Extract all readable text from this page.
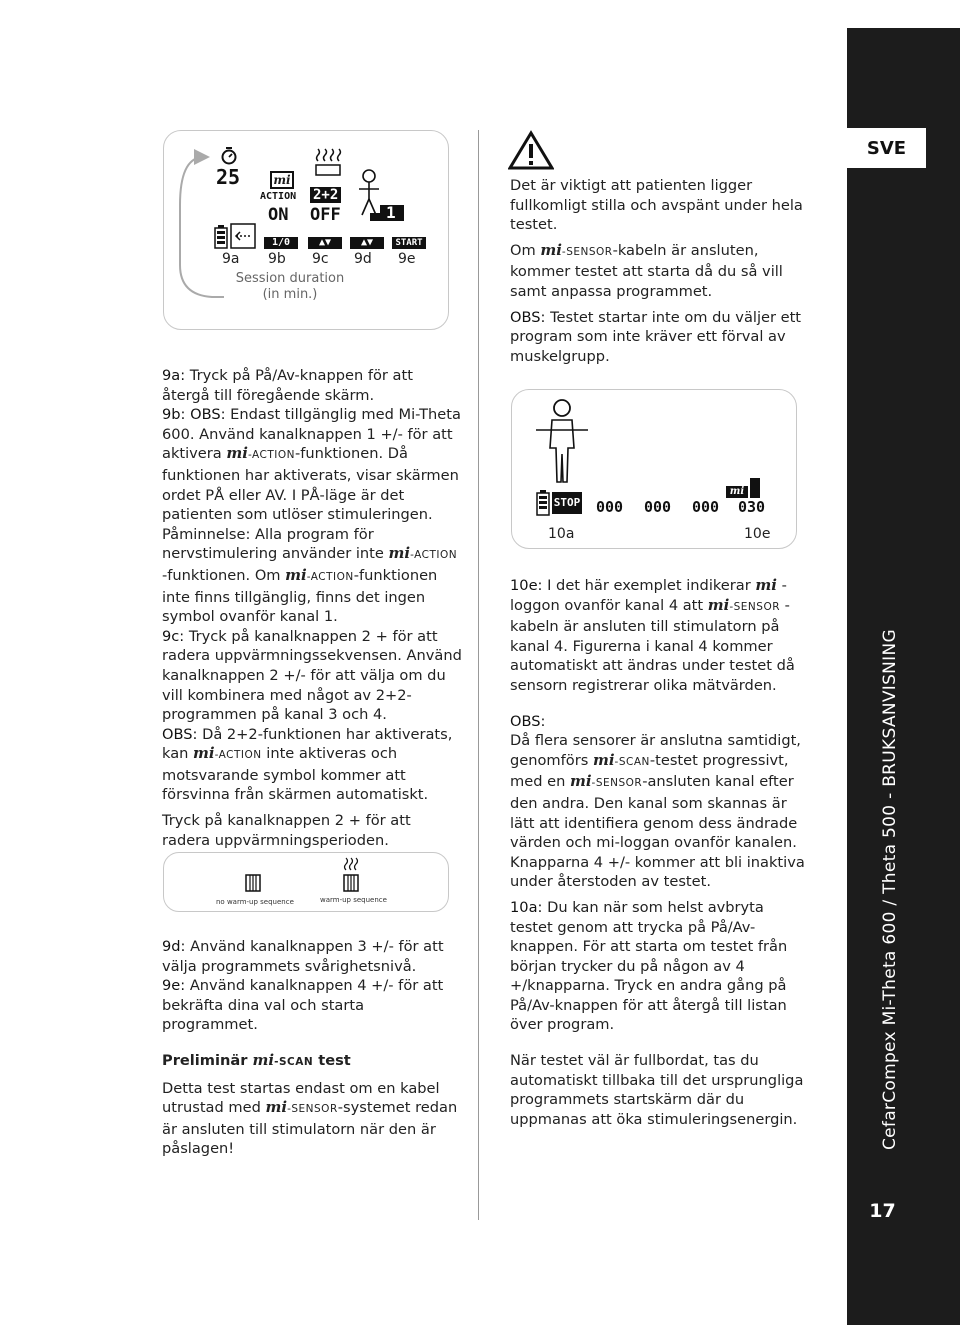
SVE
CefarCompex Mi-Theta 600 / Theta 500 - BRUKSANVISNING
17
25	mi
ACTION
ON
2+2
OFF	1
1/0	▲▼	▲▼	START
9a 9b 9c 9d 9e
Session duration
(in min.)

9a: Tryck på På/Av-knappen för att återgå till föregående skärm.

9b: OBS: Endast tillgänglig med Mi-Theta 600. Använd kanalknappen 1 +/- för att aktivera mi-ACTION-funktionen. Då funktionen har aktiverats, visar skärmen ordet PÅ eller AV. I PÅ-läge är det patienten som utlöser stimuleringen.

Påminnelse: Alla program för nervstimulering använder inte mi-ACTION -funktionen. Om mi-ACTION-funktionen inte finns tillgänglig, finns det ingen symbol ovanför kanal 1.

9c: Tryck på kanalknappen 2 + för att radera uppvärmningssekvensen. Använd kanalknappen 2 +/- för att välja om du vill kombinera med något av 2+2-programmen på kanal 3 och 4.

OBS: Då 2+2-funktionen har aktiverats, kan mi-ACTION inte aktiveras och motsvarande symbol kommer att försvinna från skärmen automatiskt.

Tryck på kanalknappen 2 + för att radera uppvärmningsperioden.

no warm-up sequence	warm-up sequence

9d: Använd kanalknappen 3 +/- för att välja programmets svårighetsnivå.

9e: Använd kanalknappen 4 +/- för att bekräfta dina val och starta programmet.

Preliminär mi-SCAN test

Detta test startas endast om en kabel utrustad med mi-SENSOR-systemet redan är ansluten till stimulatorn när den är påslagen!

Det är viktigt att patienten ligger fullkomligt stilla och avspänt under hela testet.

Om mi-SENSOR-kabeln är ansluten, kommer testet att starta då du så vill samt anpassa programmet.

OBS: Testet startar inte om du väljer ett program som inte kräver ett förval av muskelgrupp.

STOP 000 000 000 030
mi
10a	10e

10e: I det här exemplet indikerar mi -loggon ovanför kanal 4 att mi-SENSOR -kabeln är ansluten till stimulatorn på kanal 4. Figurerna i kanal 4 kommer automatiskt att ändras under testet då sensorn registrerar olika mätvärden.

OBS:

Då flera sensorer är anslutna samtidigt, genomförs mi-SCAN-testet progressivt, med en mi-SENSOR-ansluten kanal efter den andra. Den kanal som skannas är lätt att identifiera genom dess ändrade värden och mi-loggan ovanför kanalen. Knapparna 4 +/- kommer att bli inaktiva under återstoden av testet.

10a: Du kan när som helst avbryta testet genom att trycka på På/Av-knappen. För att starta om testet från början trycker du på någon av 4 +/knapparna. Tryck en andra gång på På/Av-knappen för att återgå till listan över program.

När testet väl är fullbordat, tas du automatiskt tillbaka till det ursprungliga programmets startskärm där du uppmanas att öka stimuleringsenergin.
